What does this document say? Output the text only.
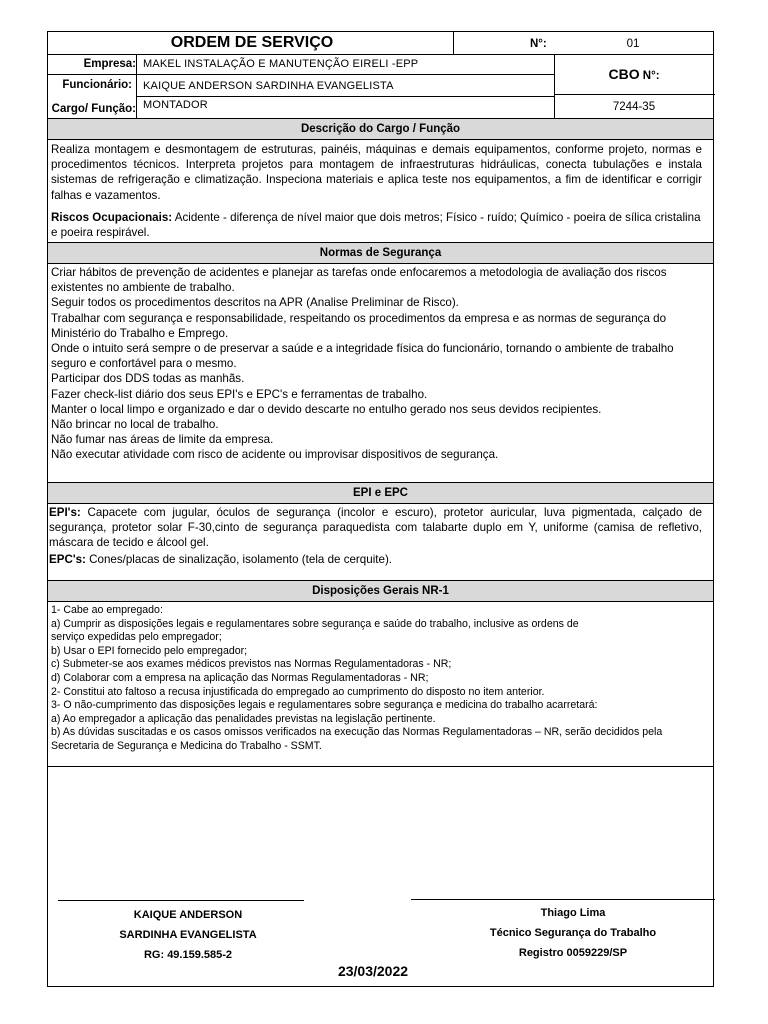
ORDEM DE SERVIÇO	N°:	01
Empresa: MAKEL INSTALAÇÃO E MANUTENÇÃO EIRELI -EPP
Funcionário: KAIQUE ANDERSON SARDINHA EVANGELISTA
Cargo/ Função: MONTADOR
CBO N°:
7244-35
Descrição do Cargo / Função
Realiza montagem e desmontagem de estruturas, painéis, máquinas e demais equipamentos, conforme projeto, normas e procedimentos técnicos. Interpreta projetos para montagem de infraestruturas hidráulicas, conecta tubulações e instala sistemas de refrigeração e climatização. Inspeciona materiais e aplica teste nos equipamentos, a fim de identificar e corrigir falhas e vazamentos.
Riscos Ocupacionais: Acidente - diferença de nível maior que dois metros; Físico - ruído; Químico - poeira de sílica cristalina e poeira respirável.
Normas de Segurança
Criar hábitos de prevenção de acidentes e planejar as tarefas onde enfocaremos a metodologia de avaliação dos riscos existentes no ambiente de trabalho.
Seguir todos os procedimentos descritos na APR (Analise Preliminar de Risco).
Trabalhar com segurança e responsabilidade, respeitando os procedimentos da empresa e as normas de segurança do Ministério do Trabalho e Emprego.
Onde o intuito será sempre o de preservar a saúde e a integridade física do funcionário, tornando o ambiente de trabalho seguro e confortável para o mesmo.
Participar dos DDS todas as manhãs.
Fazer check-list diário dos seus EPI's e EPC's e ferramentas de trabalho.
Manter o local limpo e organizado e dar o devido descarte no entulho gerado nos seus devidos recipientes.
Não brincar no local de trabalho.
Não fumar nas áreas de limite da empresa.
Não executar atividade com risco de acidente ou improvisar dispositivos de segurança.
EPI e EPC
EPI's: Capacete com jugular, óculos de segurança (incolor e escuro), protetor auricular, luva pigmentada, calçado de segurança, protetor solar F-30,cinto de segurança paraquedista com talabarte duplo em Y, uniforme (camisa de refletivo, máscara de tecido e álcool gel.
EPC's: Cones/placas de sinalização, isolamento (tela de cerquite).
Disposições Gerais NR-1
1- Cabe ao empregado:
a) Cumprir as disposições legais e regulamentares sobre segurança e saúde do trabalho, inclusive as ordens de
serviço expedidas pelo empregador;
b) Usar o EPI fornecido pelo empregador;
c) Submeter-se aos exames médicos previstos nas Normas Regulamentadoras - NR;
d) Colaborar com a empresa na aplicação das Normas Regulamentadoras - NR;
2- Constitui ato faltoso a recusa injustificada do empregado ao cumprimento do disposto no item anterior.
3- O não-cumprimento das disposições legais e regulamentares sobre segurança e medicina do trabalho acarretará:
a) Ao empregador a aplicação das penalidades previstas na legislação pertinente.
b) As dúvidas suscitadas e os casos omissos verificados na execução das Normas Regulamentadoras – NR, serão decididos pela
Secretaria de Segurança e Medicina do Trabalho - SSMT.
KAIQUE ANDERSON
SARDINHA EVANGELISTA
RG: 49.159.585-2
Thiago Lima
Técnico Segurança do Trabalho
Registro 0059229/SP
23/03/2022
